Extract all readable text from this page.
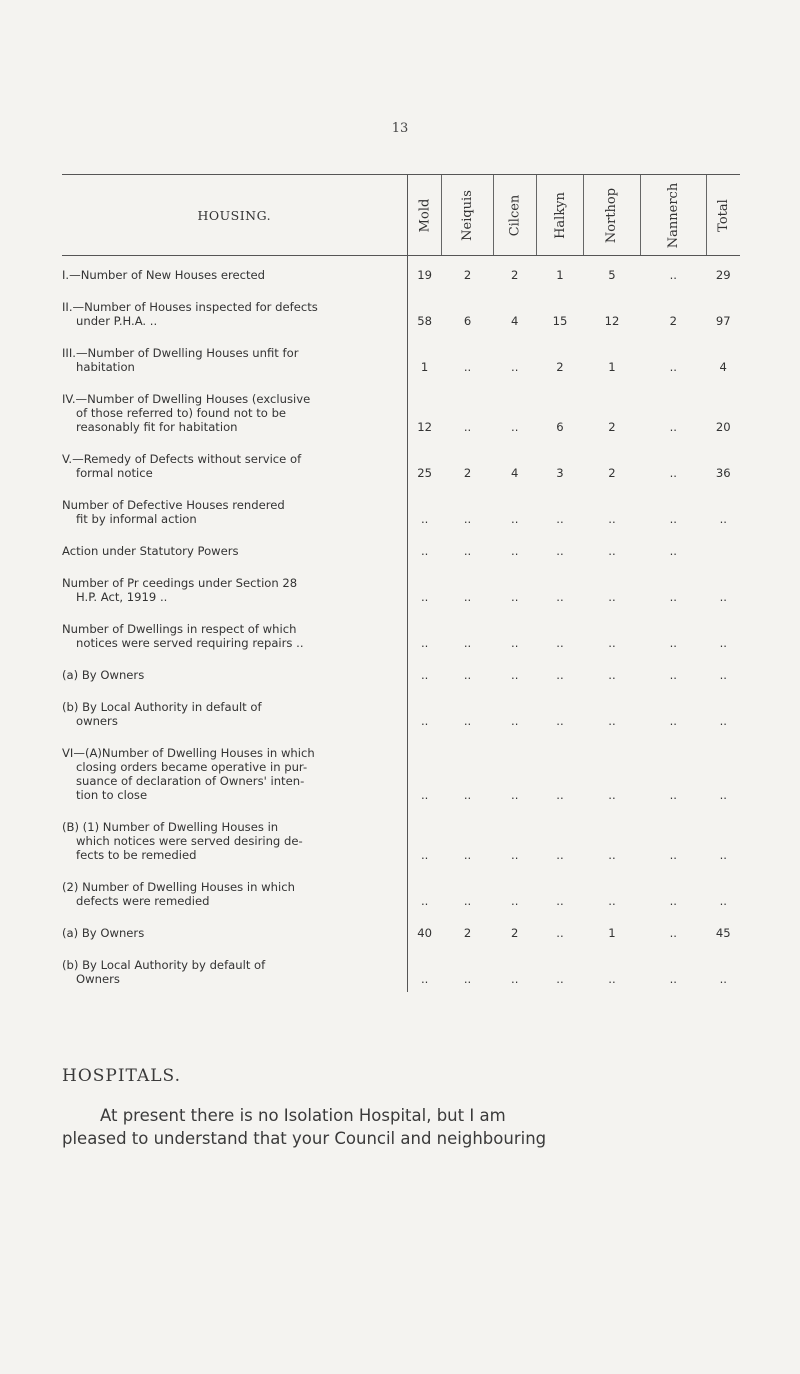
13
HOUSING.	Mold	Neiquis	Cilcen	Halkyn	Northop	Nannerch	Total

I.—Number of New Houses erected	19	2	2	1	5	..	29

II.—Number of Houses inspected for defects
under P.H.A. ..	58	6	4	15	12	2	97

III.—Number of Dwelling Houses unfit for
habitation	1	..	..	2	1	..	4

IV.—Number of Dwelling Houses (exclusive
of those referred to) found not to be
reasonably fit for habitation	12	..	..	6	2	..	20

V.—Remedy of Defects without service of
formal notice	25	2	4	3	2	..	36

Number of Defective Houses rendered
fit by informal action	..	..	..	..	..	..	..

Action under Statutory Powers	..	..	..	..	..	..	

Number of Pr ceedings under Section 28
H.P. Act, 1919 ..	..	..	..	..	..	..	..

Number of Dwellings in respect of which
notices were served requiring repairs ..	..	..	..	..	..	..	..

(a) By Owners	..	..	..	..	..	..	..

(b) By Local Authority in default of
owners	..	..	..	..	..	..	..

VI—(A)Number of Dwelling Houses in which
closing orders became operative in pur-
suance of declaration of Owners' inten-
tion to close	..	..	..	..	..	..	..

(B) (1) Number of Dwelling Houses in
which notices were served desiring de-
fects to be remedied	..	..	..	..	..	..	..

(2) Number of Dwelling Houses in which
defects were remedied	..	..	..	..	..	..	..

(a) By Owners	40	2	2	..	1	..	45

(b) By Local Authority by default of
Owners	..	..	..	..	..	..	..
HOSPITALS.
At present there is no Isolation Hospital, but I am
pleased to understand that your Council and neighbouring
